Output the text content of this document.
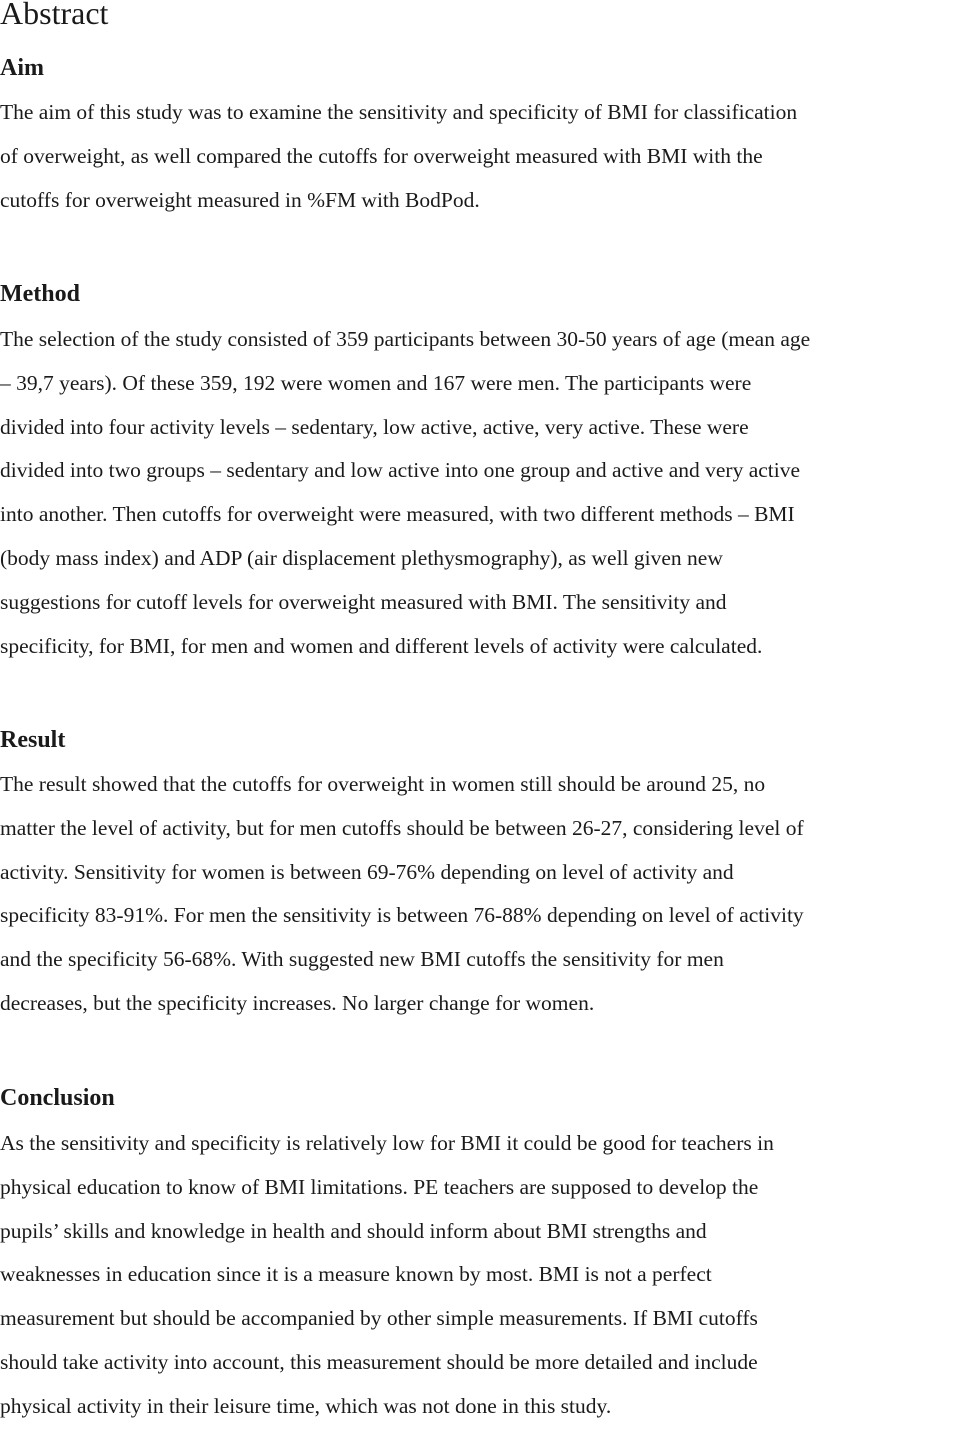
Abstract
Aim
The aim of this study was to examine the sensitivity and specificity of BMI for classification
of overweight, as well compared the cutoffs for overweight measured with BMI with the
cutoffs for overweight measured in %FM with BodPod.
Method
The selection of the study consisted of 359 participants between 30-50 years of age (mean age
– 39,7 years). Of these 359, 192 were women and 167 were men. The participants were
divided into four activity levels – sedentary, low active, active, very active. These were
divided into two groups – sedentary and low active into one group and active and very active
into another. Then cutoffs for overweight were measured, with two different methods – BMI
(body mass index) and ADP (air displacement plethysmography), as well given new
suggestions for cutoff levels for overweight measured with BMI. The sensitivity and
specificity, for BMI, for men and women and different levels of activity were calculated.
Result
The result showed that the cutoffs for overweight in women still should be around 25, no
matter the level of activity, but for men cutoffs should be between 26-27, considering level of
activity. Sensitivity for women is between 69-76% depending on level of activity and
specificity 83-91%. For men the sensitivity is between 76-88% depending on level of activity
and the specificity 56-68%. With suggested new BMI cutoffs the sensitivity for men
decreases, but the specificity increases. No larger change for women.
Conclusion
As the sensitivity and specificity is relatively low for BMI it could be good for teachers in
physical education to know of BMI limitations. PE teachers are supposed to develop the
pupils’ skills and knowledge in health and should inform about BMI strengths and
weaknesses in education since it is a measure known by most. BMI is not a perfect
measurement but should be accompanied by other simple measurements. If BMI cutoffs
should take activity into account, this measurement should be more detailed and include
physical activity in their leisure time, which was not done in this study.
